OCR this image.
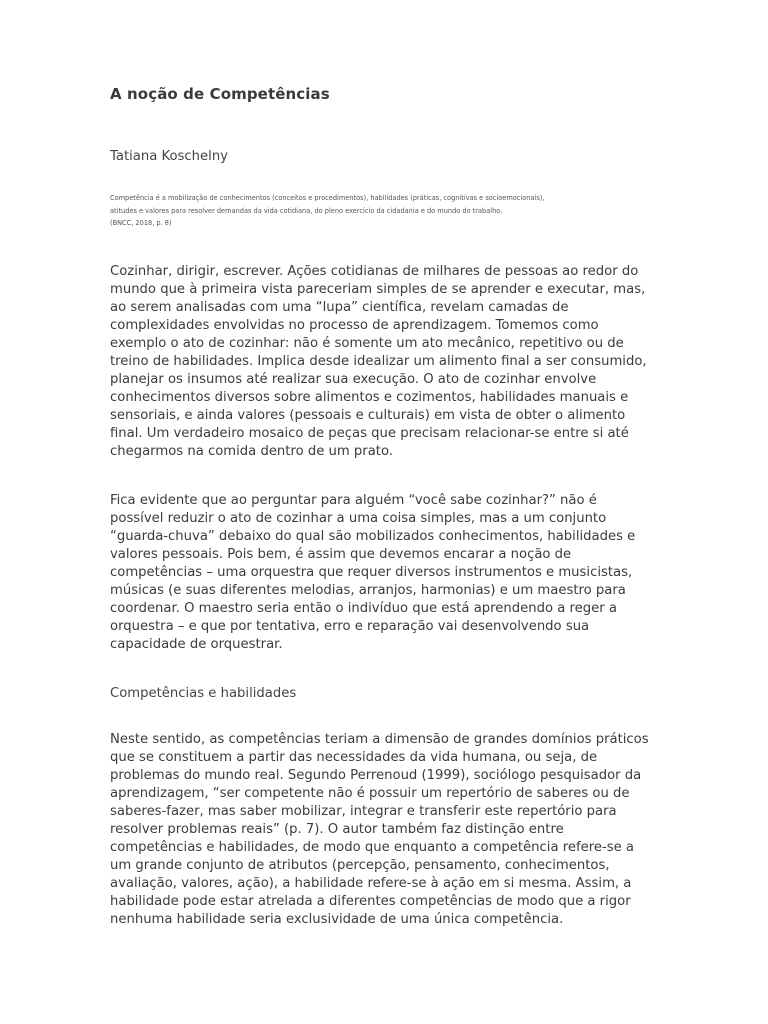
A noção de Competências

Tatiana Koschelny

Competência é a mobilização de conhecimentos (conceitos e procedimentos), habilidades (práticas, cognitivas e socioemocionais),
atitudes e valores para resolver demandas da vida cotidiana, do pleno exercício da cidadania e do mundo do trabalho.
(BNCC, 2018, p. 8)

Cozinhar, dirigir, escrever. Ações cotidianas de milhares de pessoas ao redor do
mundo que à primeira vista pareceriam simples de se aprender e executar, mas,
ao serem analisadas com uma “lupa” científica, revelam camadas de
complexidades envolvidas no processo de aprendizagem. Tomemos como
exemplo o ato de cozinhar: não é somente um ato mecânico, repetitivo ou de
treino de habilidades. Implica desde idealizar um alimento final a ser consumido,
planejar os insumos até realizar sua execução. O ato de cozinhar envolve
conhecimentos diversos sobre alimentos e cozimentos, habilidades manuais e
sensoriais, e ainda valores (pessoais e culturais) em vista de obter o alimento
final. Um verdadeiro mosaico de peças que precisam relacionar-se entre si até
chegarmos na comida dentro de um prato.

Fica evidente que ao perguntar para alguém “você sabe cozinhar?” não é
possível reduzir o ato de cozinhar a uma coisa simples, mas a um conjunto
“guarda-chuva” debaixo do qual são mobilizados conhecimentos, habilidades e
valores pessoais. Pois bem, é assim que devemos encarar a noção de
competências – uma orquestra que requer diversos instrumentos e musicistas,
músicas (e suas diferentes melodias, arranjos, harmonias) e um maestro para
coordenar. O maestro seria então o indivíduo que está aprendendo a reger a
orquestra – e que por tentativa, erro e reparação vai desenvolvendo sua
capacidade de orquestrar.

Competências e habilidades

Neste sentido, as competências teriam a dimensão de grandes domínios práticos
que se constituem a partir das necessidades da vida humana, ou seja, de
problemas do mundo real. Segundo Perrenoud (1999), sociólogo pesquisador da
aprendizagem, “ser competente não é possuir um repertório de saberes ou de
saberes-fazer, mas saber mobilizar, integrar e transferir este repertório para
resolver problemas reais” (p. 7). O autor também faz distinção entre
competências e habilidades, de modo que enquanto a competência refere-se a
um grande conjunto de atributos (percepção, pensamento, conhecimentos,
avaliação, valores, ação), a habilidade refere-se à ação em si mesma. Assim, a
habilidade pode estar atrelada a diferentes competências de modo que a rigor
nenhuma habilidade seria exclusividade de uma única competência.
